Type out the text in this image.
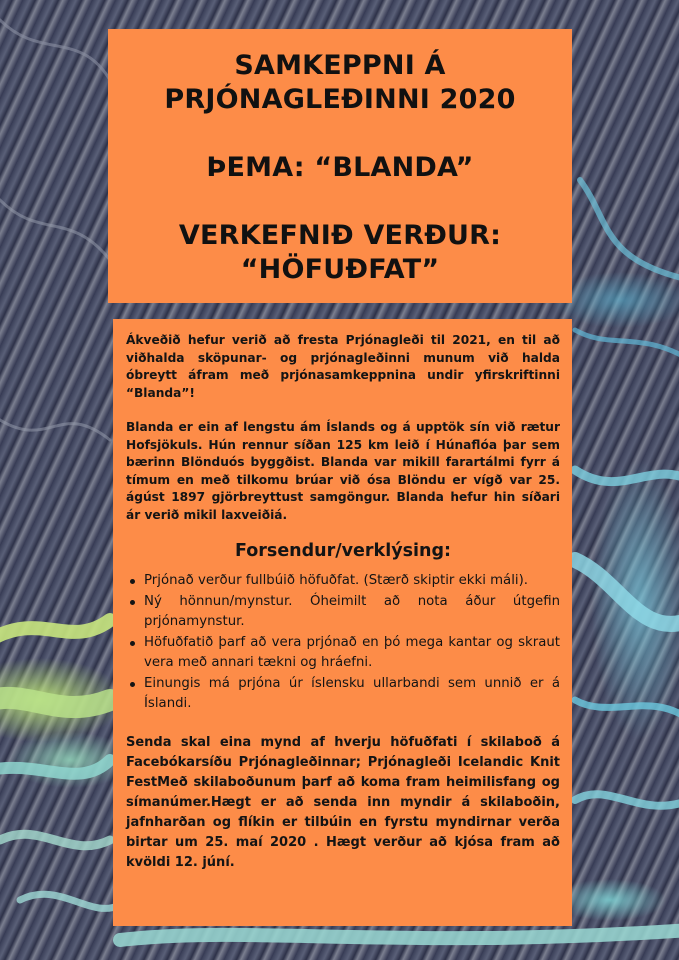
SAMKEPPNI Á
PRJÓNAGLEÐINNI 2020
ÞEMA: “BLANDA”
VERKEFNIÐ VERÐUR:
“HÖFUÐFAT”

Ákveðið hefur verið að fresta Prjónagleði til 2021, en til að viðhalda sköpunar- og prjónagleðinni munum við halda óbreytt áfram með prjónasamkeppnina undir yfirskriftinni “Blanda”!

Blanda er ein af lengstu ám Íslands og á upptök sín við rætur Hofsjökuls. Hún rennur síðan 125 km leið í Húnaflóa þar sem bærinn Blönduós byggðist. Blanda var mikill farartálmi fyrr á tímum en með tilkomu brúar við ósa Blöndu er vígð var 25. ágúst 1897 gjörbreyttust samgöngur. Blanda hefur hin síðari ár verið mikil laxveiðiá.

Forsendur/verklýsing:
Prjónað verður fullbúið höfuðfat. (Stærð skiptir ekki máli).
Ný hönnun/mynstur. Óheimilt að nota áður útgefin prjónamynstur.
Höfuðfatið þarf að vera prjónað en þó mega kantar og skraut vera með annari tækni og hráefni.
Einungis má prjóna úr íslensku ullarbandi sem unnið er á Íslandi.

Senda skal eina mynd af hverju höfuðfati í skilaboð á Facebókarsíðu Prjónagleðinnar; Prjónagleði Icelandic Knit FestMeð skilaboðunum þarf að koma fram heimilisfang og símanúmer.Hægt er að senda inn myndir á skilaboðin, jafnharðan og flíkin er tilbúin en fyrstu myndirnar verða birtar um 25. maí 2020 . Hægt verður að kjósa fram að kvöldi 12. júní.
